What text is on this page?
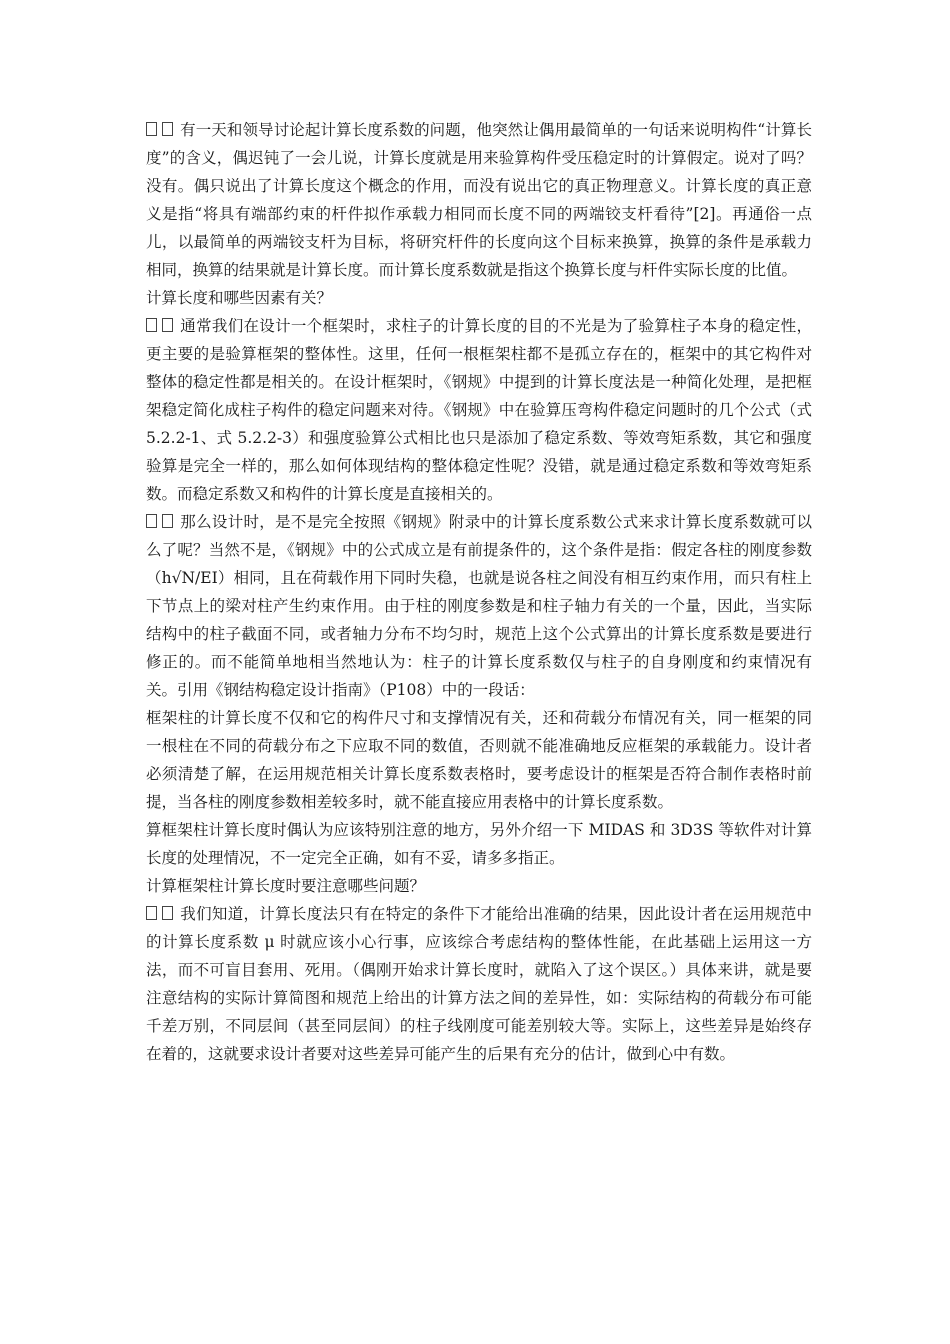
有一天和领导讨论起计算长度系数的问题，他突然让偶用最简单的一句话来说明构件“计算长度”的含义，偶迟钝了一会儿说，计算长度就是用来验算构件受压稳定时的计算假定。说对了吗？没有。偶只说出了计算长度这个概念的作用，而没有说出它的真正物理意义。计算长度的真正意义是指“将具有端部约束的杆件拟作承载力相同而长度不同的两端铰支杆看待”[2]。再通俗一点儿，以最简单的两端铰支杆为目标，将研究杆件的长度向这个目标来换算，换算的条件是承载力相同，换算的结果就是计算长度。而计算长度系数就是指这个换算长度与杆件实际长度的比值。

计算长度和哪些因素有关？

通常我们在设计一个框架时，求柱子的计算长度的目的不光是为了验算柱子本身的稳定性，更主要的是验算框架的整体性。这里，任何一根框架柱都不是孤立存在的，框架中的其它构件对整体的稳定性都是相关的。在设计框架时，《钢规》中提到的计算长度法是一种简化处理，是把框架稳定简化成柱子构件的稳定问题来对待。《钢规》中在验算压弯构件稳定问题时的几个公式（式 5.2.2-1、式 5.2.2-3）和强度验算公式相比也只是添加了稳定系数、等效弯矩系数，其它和强度验算是完全一样的，那么如何体现结构的整体稳定性呢？没错，就是通过稳定系数和等效弯矩系数。而稳定系数又和构件的计算长度是直接相关的。

那么设计时，是不是完全按照《钢规》附录中的计算长度系数公式来求计算长度系数就可以么了呢？当然不是，《钢规》中的公式成立是有前提条件的，这个条件是指：假定各柱的刚度参数（h√N/EI）相同，且在荷载作用下同时失稳，也就是说各柱之间没有相互约束作用，而只有柱上下节点上的梁对柱产生约束作用。由于柱的刚度参数是和柱子轴力有关的一个量，因此，当实际结构中的柱子截面不同，或者轴力分布不均匀时，规范上这个公式算出的计算长度系数是要进行修正的。而不能简单地相当然地认为：柱子的计算长度系数仅与柱子的自身刚度和约束情况有关。引用《钢结构稳定设计指南》（P108）中的一段话：

框架柱的计算长度不仅和它的构件尺寸和支撑情况有关，还和荷载分布情况有关，同一框架的同一根柱在不同的荷载分布之下应取不同的数值，否则就不能准确地反应框架的承载能力。设计者必须清楚了解，在运用规范相关计算长度系数表格时，要考虑设计的框架是否符合制作表格时前提，当各柱的刚度参数相差较多时，就不能直接应用表格中的计算长度系数。

算框架柱计算长度时偶认为应该特别注意的地方，另外介绍一下 MIDAS 和 3D3S 等软件对计算长度的处理情况，不一定完全正确，如有不妥，请多多指正。

计算框架柱计算长度时要注意哪些问题？

我们知道，计算长度法只有在特定的条件下才能给出准确的结果，因此设计者在运用规范中的计算长度系数 μ 时就应该小心行事，应该综合考虑结构的整体性能，在此基础上运用这一方法，而不可盲目套用、死用。（偶刚开始求计算长度时，就陷入了这个误区。）具体来讲，就是要注意结构的实际计算简图和规范上给出的计算方法之间的差异性，如：实际结构的荷载分布可能千差万别，不同层间（甚至同层间）的柱子线刚度可能差别较大等。实际上，这些差异是始终存在着的，这就要求设计者要对这些差异可能产生的后果有充分的估计，做到心中有数。
